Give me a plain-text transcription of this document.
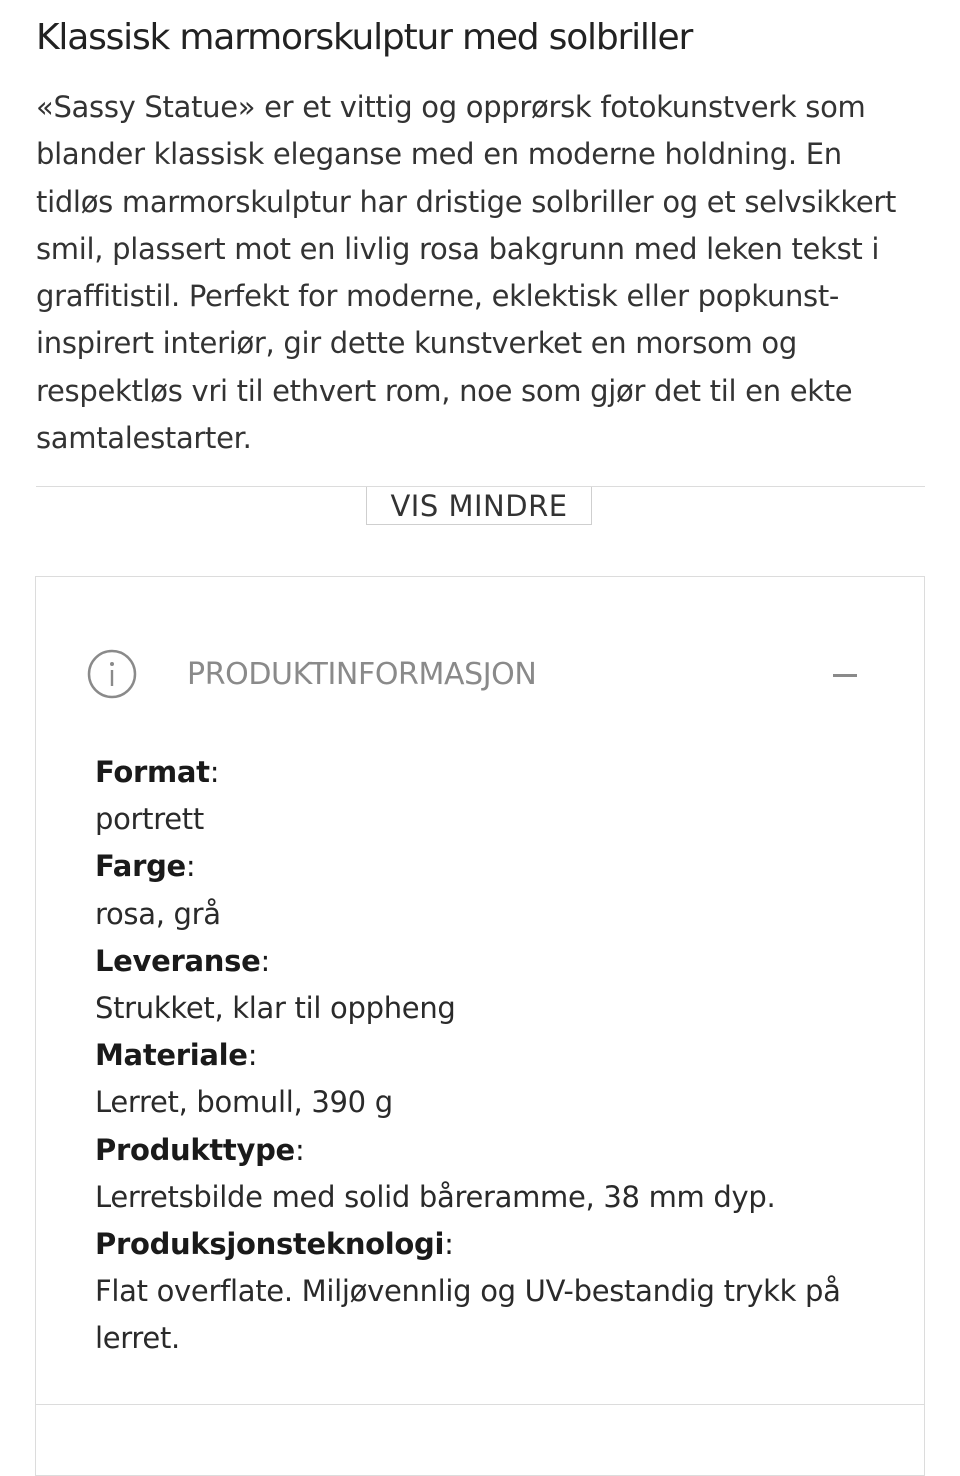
Klassisk marmorskulptur med solbriller

«Sassy Statue» er et vittig og opprørsk fotokunstverk som blander klassisk eleganse med en moderne holdning. En tidløs marmorskulptur har dristige solbriller og et selvsikkert smil, plassert mot en livlig rosa bakgrunn med leken tekst i graffitistil. Perfekt for moderne, eklektisk eller popkunst-inspirert interiør, gir dette kunstverket en morsom og respektløs vri til ethvert rom, noe som gjør det til en ekte samtalestarter.

VIS MINDRE
PRODUKTINFORMASJON
Format:
portrett
Farge:
rosa, grå
Leveranse:
Strukket, klar til oppheng
Materiale:
Lerret, bomull, 390 g
Produkttype:
Lerretsbilde med solid båreramme, 38 mm dyp.
Produksjonsteknologi:
Flat overflate. Miljøvennlig og UV-bestandig trykk på lerret.
